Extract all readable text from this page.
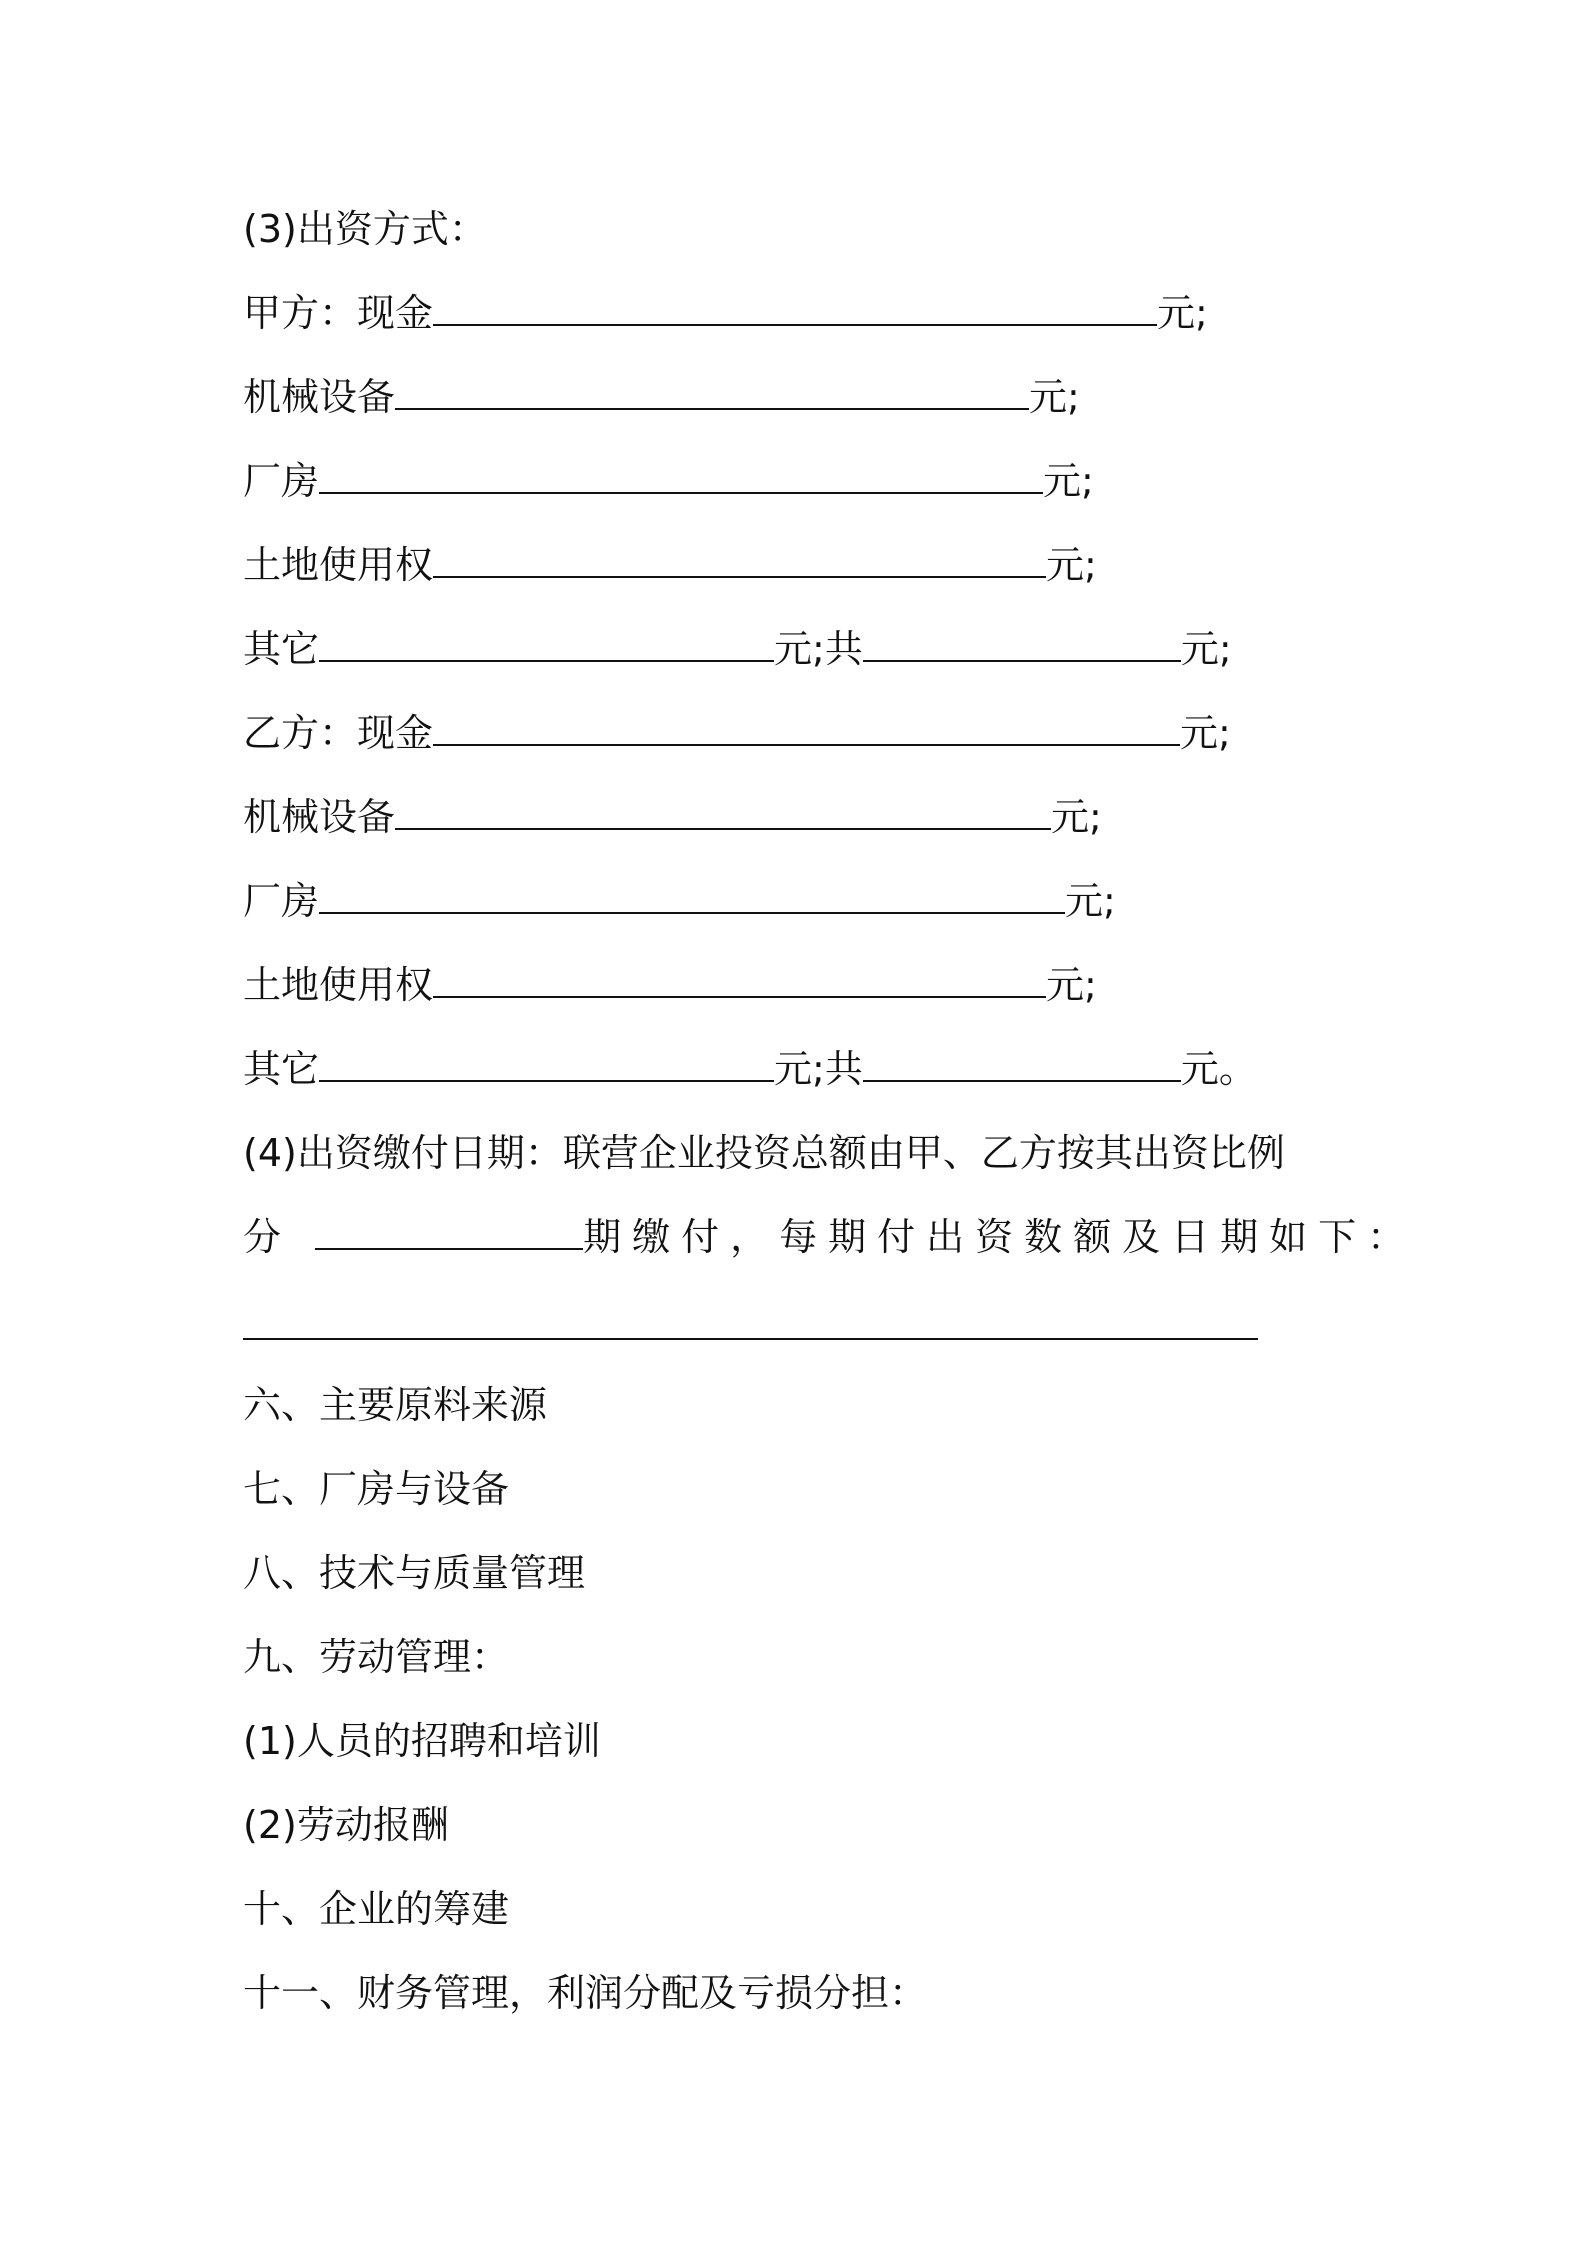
(3)出资方式：
甲方：现金	元;
机械设备	元;
厂房	元;
土地使用权	元;
其它	元;共	元;
乙方：现金	元;
机械设备	元;
厂房	元;
土地使用权	元;
其它	元;共	元。
(4)出资缴付日期：联营企业投资总额由甲、乙方按其出资比例
分	期缴付，每期付出资数额及日期如下：
六、主要原料来源
七、厂房与设备
八、技术与质量管理
九、劳动管理：
(1)人员的招聘和培训
(2)劳动报酬
十、企业的筹建
十一、财务管理，利润分配及亏损分担：
